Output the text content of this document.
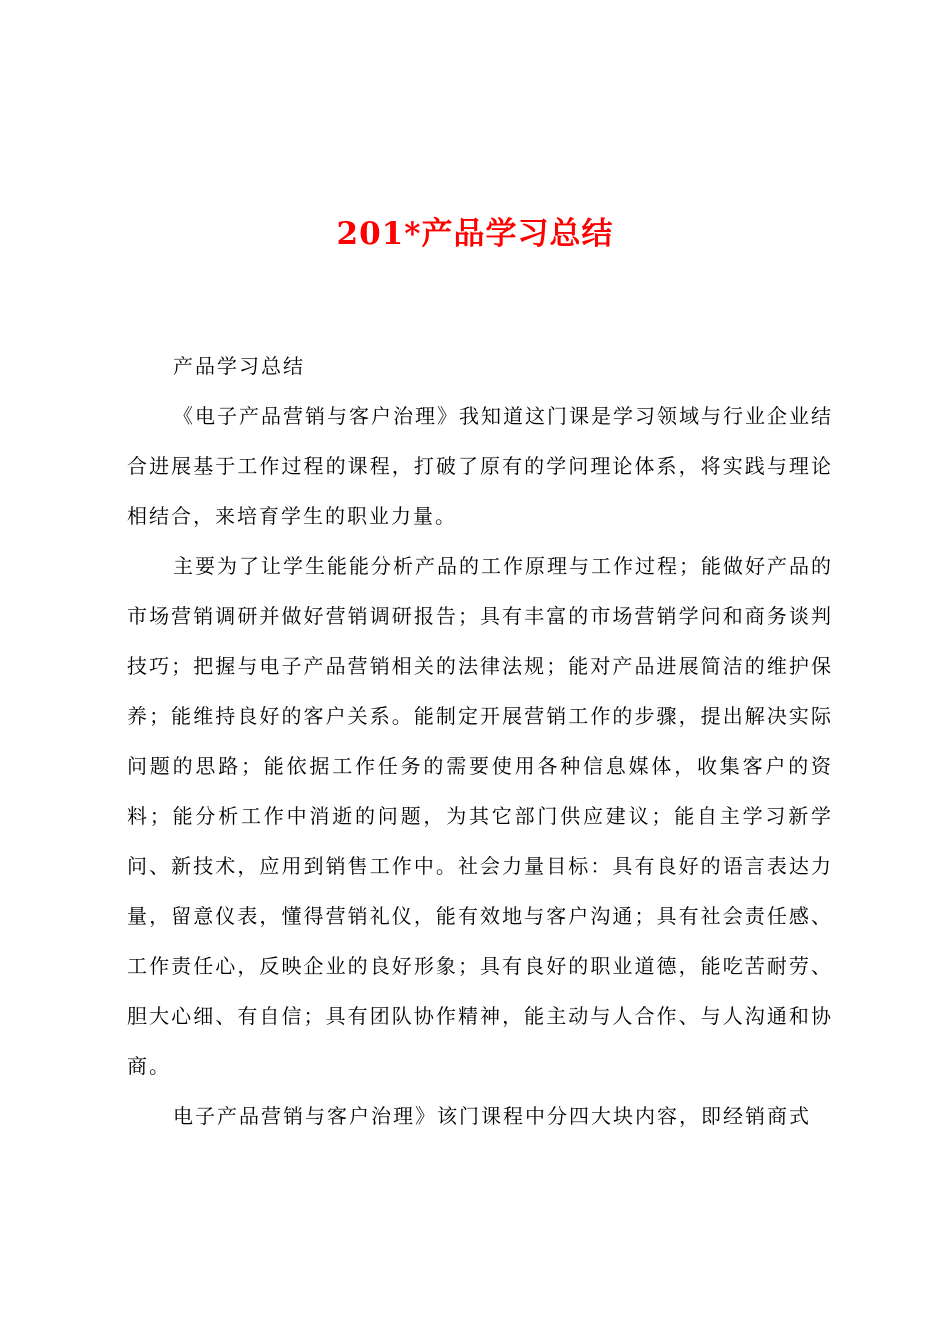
201*产品学习总结

产品学习总结

《电子产品营销与客户治理》我知道这门课是学习领域与行业企业结合进展基于工作过程的课程，打破了原有的学问理论体系，将实践与理论相结合，来培育学生的职业力量。

主要为了让学生能能分析产品的工作原理与工作过程；能做好产品的市场营销调研并做好营销调研报告；具有丰富的市场营销学问和商务谈判技巧；把握与电子产品营销相关的法律法规；能对产品进展简洁的维护保养；能维持良好的客户关系。能制定开展营销工作的步骤，提出解决实际问题的思路；能依据工作任务的需要使用各种信息媒体，收集客户的资料；能分析工作中消逝的问题，为其它部门供应建议；能自主学习新学问、新技术，应用到销售工作中。社会力量目标：具有良好的语言表达力量，留意仪表，懂得营销礼仪，能有效地与客户沟通；具有社会责任感、工作责任心，反映企业的良好形象；具有良好的职业道德，能吃苦耐劳、胆大心细、有自信；具有团队协作精神，能主动与人合作、与人沟通和协商。

电子产品营销与客户治理》该门课程中分四大块内容，即经销商式
